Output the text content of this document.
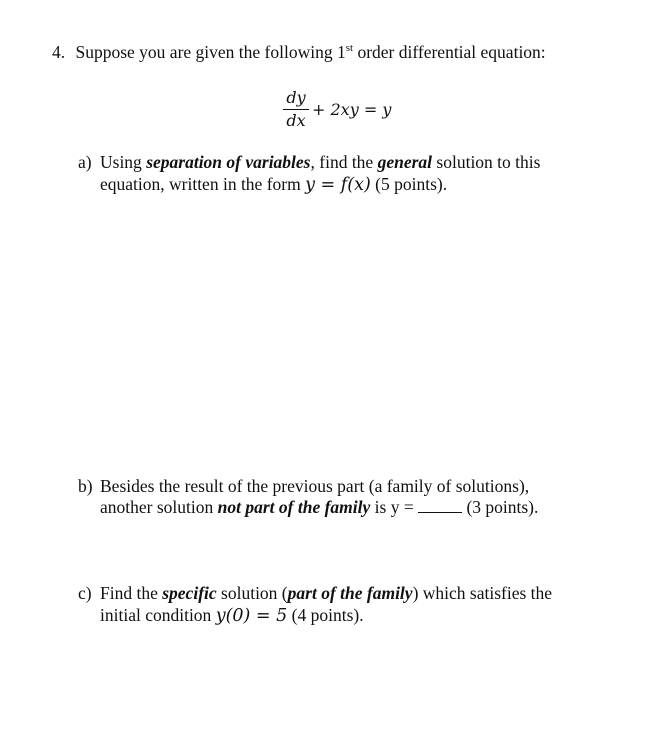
4. Suppose you are given the following 1st order differential equation:
dy
dx
+ 2xy = y
a) Using separation of variables, find the general solution to this
equation, written in the form y = f(x) (5 points).
b) Besides the result of the previous part (a family of solutions),
another solution not part of the family is y =	(3 points).
c) Find the specific solution (part of the family) which satisfies the
initial condition y(0) = 5 (4 points).
